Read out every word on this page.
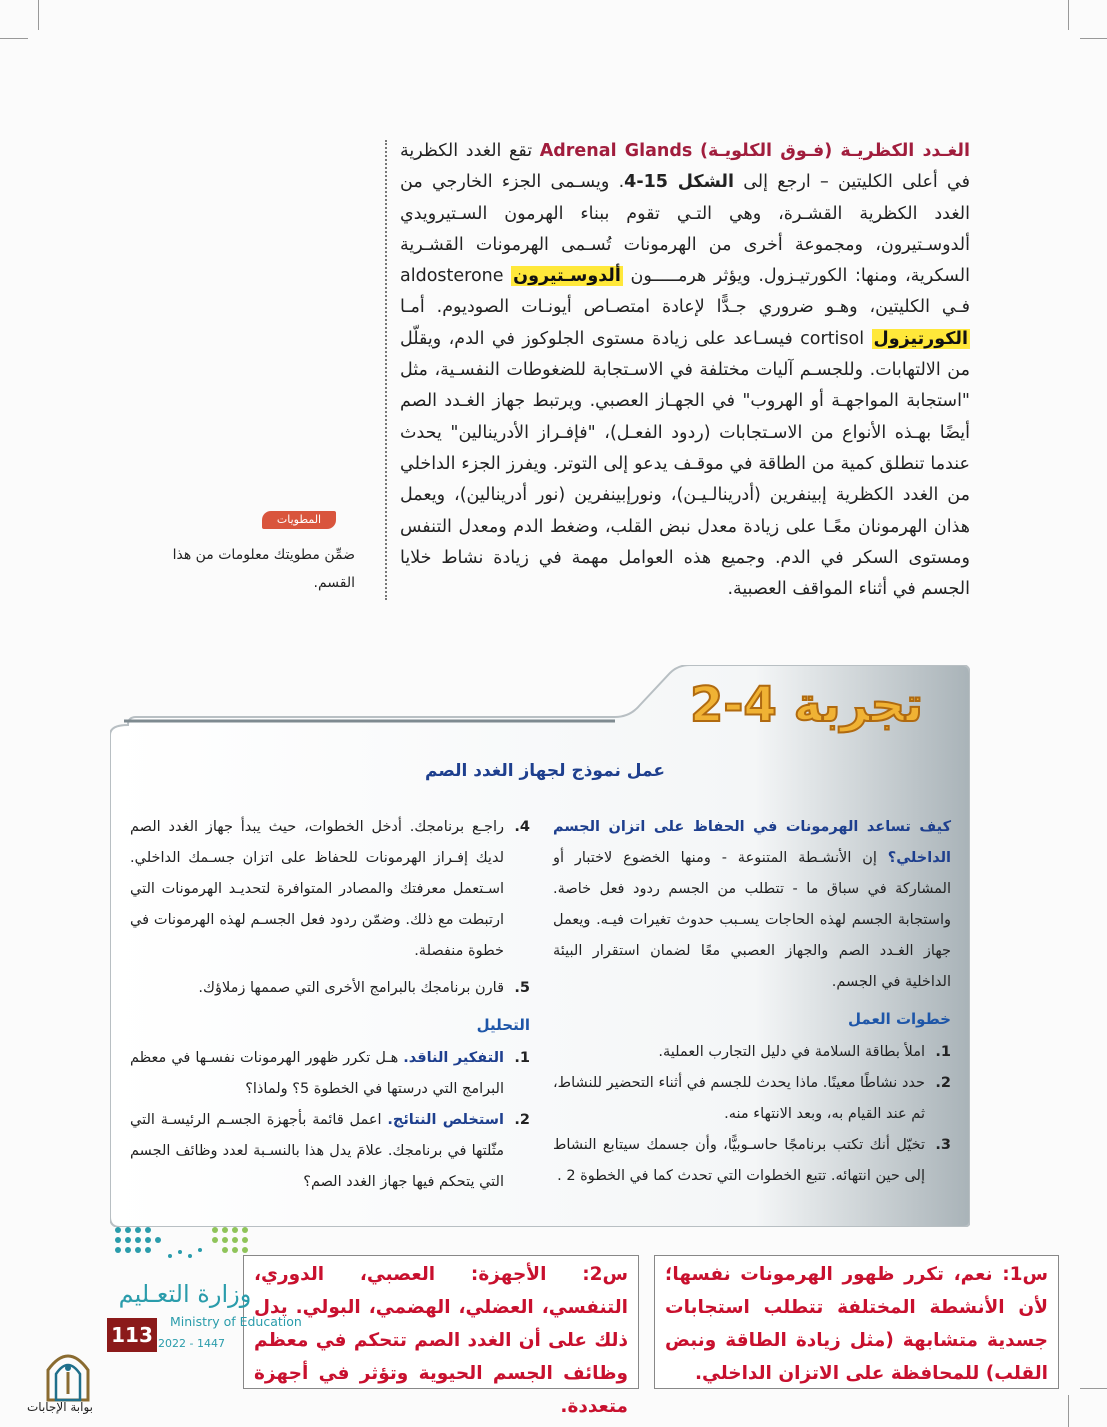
الغـدد الكظريـة (فـوق الكلويـة) Adrenal Glands تقع الغدد الكظرية في أعلى الكليتين – ارجع إلى الشكل 15-4. ويسـمى الجزء الخارجي من الغدد الكظرية القشـرة، وهي التـي تقوم ببناء الهرمون السـتيرويدي ألدوسـتيرون، ومجموعة أخرى من الهرمونات تُسـمى الهرمونات القشـرية السكرية، ومنها: الكورتيـزول. ويؤثر هرمـــــون ألدوسـتيرون aldosterone فـي الكليتين، وهـو ضروري جـدًّا لإعادة امتصـاص أيونـات الصوديوم. أمـا الكورتيزول cortisol فيسـاعد على زيادة مستوى الجلوكوز في الدم، ويقلّل من الالتهابات. وللجسـم آليات مختلفة في الاسـتجابة للضغوطات النفسـية، مثل "استجابة المواجهـة أو الهروب" في الجهـاز العصبي. ويرتبط جهاز الغـدد الصم أيضًا بهـذه الأنواع من الاسـتجابات (ردود الفعـل)، "فإفـراز الأدرينالين" يحدث عندما تنطلق كمية من الطاقة في موقـف يدعو إلى التوتر. ويفرز الجزء الداخلي من الغدد الكظرية إبينفرين (أدرينالـيـن)، ونورإبينفرين (نور أدرينالين)، ويعمل هذان الهرمونان معًـا على زيادة معدل نبض القلب، وضغط الدم ومعدل التنفس ومستوى السكر في الدم. وجميع هذه العوامل مهمة في زيادة نشاط خلايا الجسم في أثناء المواقف العصبية.
المطويات
ضمِّن مطويتك معلومات من هذا القسم.
تجربة 4-2
عمل نموذج لجهاز الغدد الصم
كيف تساعد الهرمونات في الحفاظ على اتزان الجسم الداخلي؟ إن الأنشـطة المتنوعة - ومنها الخضوع لاختبار أو المشاركة في سباق ما - تتطلب من الجسم ردود فعل خاصة. واستجابة الجسم لهذه الحاجات يسـبب حدوث تغيرات فيـه. ويعمل جهاز الغـدد الصم والجهاز العصبي معًا لضمان استقرار البيئة الداخلية في الجسم.
خطوات العمل
1.
املأ بطاقة السلامة في دليل التجارب العملية.
2.
حدد نشاطًا معينًا. ماذا يحدث للجسم في أثناء التحضير للنشاط، ثم عند القيام به، وبعد الانتهاء منه.
3.
تخيّل أنك تكتب برنامجًا حاسـوبيًّا، وأن جسمك سيتابع النشاط إلى حين انتهائه. تتبع الخطوات التي تحدث كما في الخطوة 2 .
4.
راجـع برنامجك. أدخل الخطوات، حيث يبدأ جهاز الغدد الصم لديك إفـراز الهرمونات للحفاظ على اتزان جسـمك الداخلي. اسـتعمل معرفتك والمصادر المتوافرة لتحديـد الهرمونات التي ارتبطت مع ذلك. وضمّن ردود فعل الجسـم لهذه الهرمونات في خطوة منفصلة.
5.
قارن برنامجك بالبرامج الأخرى التي صممها زملاؤك.
التحليل
1.
التفكير الناقد. هـل تكرر ظهور الهرمونات نفسـها في معظم البرامج التي درستها في الخطوة 5؟ ولماذا؟
2.
استخلص النتائج. اعمل قائمة بأجهزة الجسـم الرئيسـة التي مثّلتها في برنامجك. علامَ يدل هذا بالنسـبة لعدد وظائف الجسم التي يتحكم فيها جهاز الغدد الصم؟
س1: نعم، تكرر ظهور الهرمونات نفسها؛ لأن الأنشطة المختلفة تتطلب استجابات جسدية متشابهة (مثل زيادة الطاقة ونبض القلب) للمحافظة على الاتزان الداخلي.
س2: الأجهزة: العصبي، الدوري، التنفسي، العضلي، الهضمي، البولي. يدل ذلك على أن الغدد الصم تتحكم في معظم وظائف الجسم الحيوية وتؤثر في أجهزة متعددة.
وزارة التعـليم
Ministry of Education
2022 - 1447
113
بوابة الإجابات
